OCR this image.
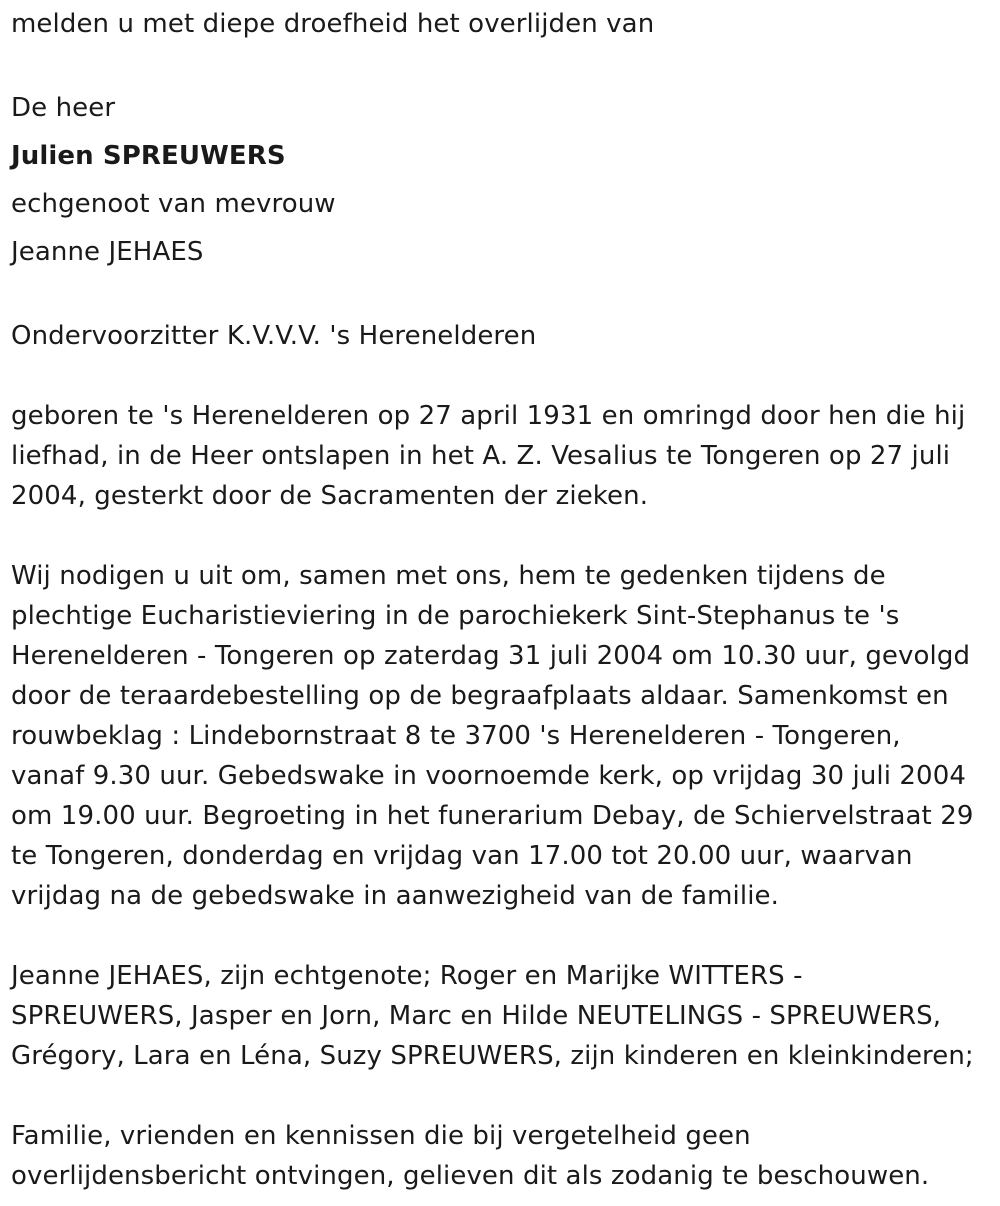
melden u met diepe droefheid het overlijden van
De heer
Julien SPREUWERS
echgenoot van mevrouw
Jeanne JEHAES
Ondervoorzitter K.V.V.V. 's Herenelderen
geboren te 's Herenelderen op 27 april 1931 en omringd door hen die hij
liefhad, in de Heer ontslapen in het A. Z. Vesalius te Tongeren op 27 juli
2004, gesterkt door de Sacramenten der zieken.
Wij nodigen u uit om, samen met ons, hem te gedenken tijdens de
plechtige Eucharistieviering in de parochiekerk Sint-Stephanus te 's
Herenelderen - Tongeren op zaterdag 31 juli 2004 om 10.30 uur, gevolgd
door de teraardebestelling op de begraafplaats aldaar. Samenkomst en
rouwbeklag : Lindebornstraat 8 te 3700 's Herenelderen - Tongeren,
vanaf 9.30 uur. Gebedswake in voornoemde kerk, op vrijdag 30 juli 2004
om 19.00 uur. Begroeting in het funerarium Debay, de Schiervelstraat 29
te Tongeren, donderdag en vrijdag van 17.00 tot 20.00 uur, waarvan
vrijdag na de gebedswake in aanwezigheid van de familie.
Jeanne JEHAES, zijn echtgenote; Roger en Marijke WITTERS -
SPREUWERS, Jasper en Jorn, Marc en Hilde NEUTELINGS - SPREUWERS,
Grégory, Lara en Léna, Suzy SPREUWERS, zijn kinderen en kleinkinderen;
Familie, vrienden en kennissen die bij vergetelheid geen
overlijdensbericht ontvingen, gelieven dit als zodanig te beschouwen.
